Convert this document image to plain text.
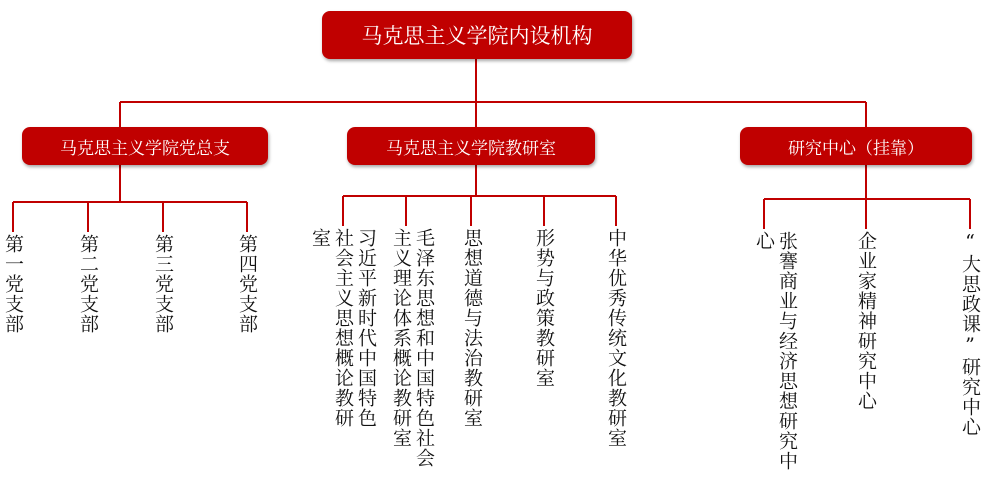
马克思主义学院内设机构
马克思主义学院党总支	马克思主义学院教研室	研究中心（挂靠）
第一党支部	第二党支部	第三党支部	第四党支部	习近平新时代中国特色社会主义思想概论教研室	毛泽东思想和中国特色社会主义理论体系概论教研室	思想道德与法治教研室	形势与政策教研室	中华优秀传统文化教研室	张謇商业与经济思想研究中心	企业家精神研究中心	“大思政课”研究中心
